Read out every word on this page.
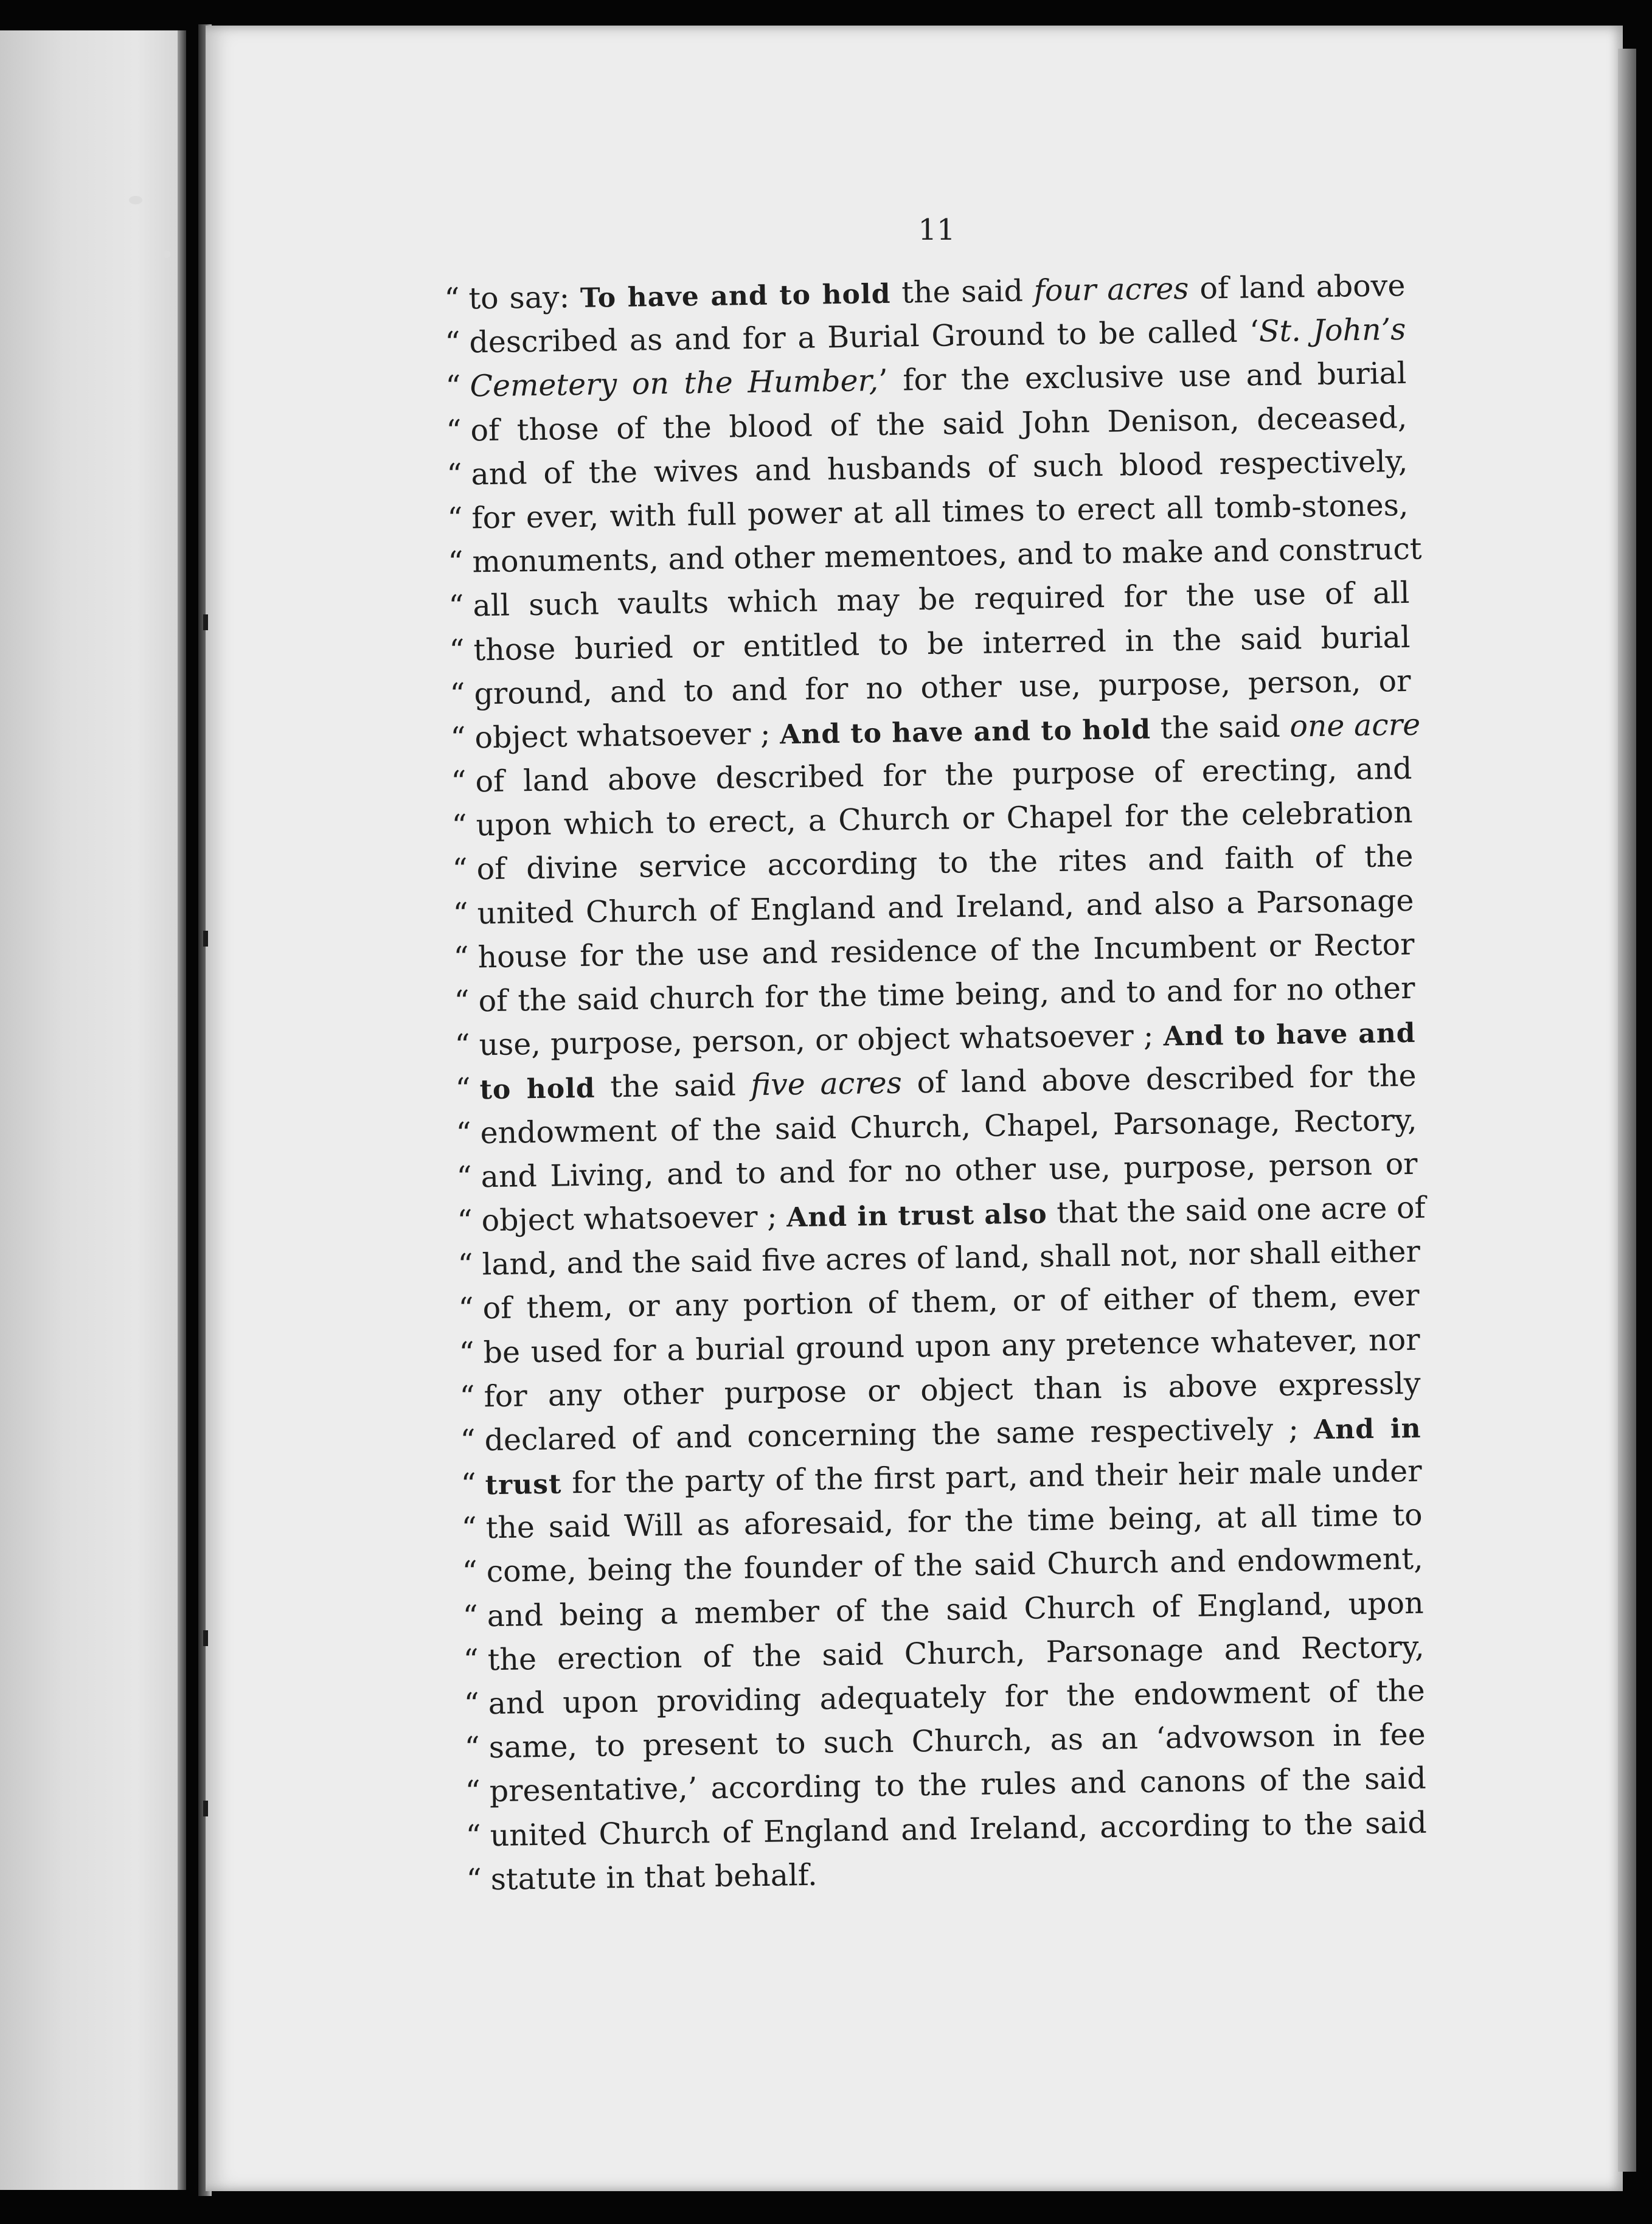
11
“ to say: To have and to hold the said four acres of land above
“ described as and for a Burial Ground to be called ‘St. John’s
“ Cemetery on the Humber,’ for the exclusive use and burial
“ of those of the blood of the said John Denison, deceased,
“ and of the wives and husbands of such blood respectively,
“ for ever, with full power at all times to erect all tomb-stones,
“ monuments, and other mementoes, and to make and construct
“ all such vaults which may be required for the use of all
“ those buried or entitled to be interred in the said burial
“ ground, and to and for no other use, purpose, person, or
“ object whatsoever ; And to have and to hold the said one acre
“ of land above described for the purpose of erecting, and
“ upon which to erect, a Church or Chapel for the celebration
“ of divine service according to the rites and faith of the
“ united Church of England and Ireland, and also a Parsonage
“ house for the use and residence of the Incumbent or Rector
“ of the said church for the time being, and to and for no other
“ use, purpose, person, or object whatsoever ; And to have and
“ to hold the said five acres of land above described for the
“ endowment of the said Church, Chapel, Parsonage, Rectory,
“ and Living, and to and for no other use, purpose, person or
“ object whatsoever ; And in trust also that the said one acre of
“ land, and the said five acres of land, shall not, nor shall either
“ of them, or any portion of them, or of either of them, ever
“ be used for a burial ground upon any pretence whatever, nor
“ for any other purpose or object than is above expressly
“ declared of and concerning the same respectively ; And in
“ trust for the party of the first part, and their heir male under
“ the said Will as aforesaid, for the time being, at all time to
“ come, being the founder of the said Church and endowment,
“ and being a member of the said Church of England, upon
“ the erection of the said Church, Parsonage and Rectory,
“ and upon providing adequately for the endowment of the
“ same, to present to such Church, as an ‘advowson in fee
“ presentative,’ according to the rules and canons of the said
“ united Church of England and Ireland, according to the said
“ statute in that behalf.
